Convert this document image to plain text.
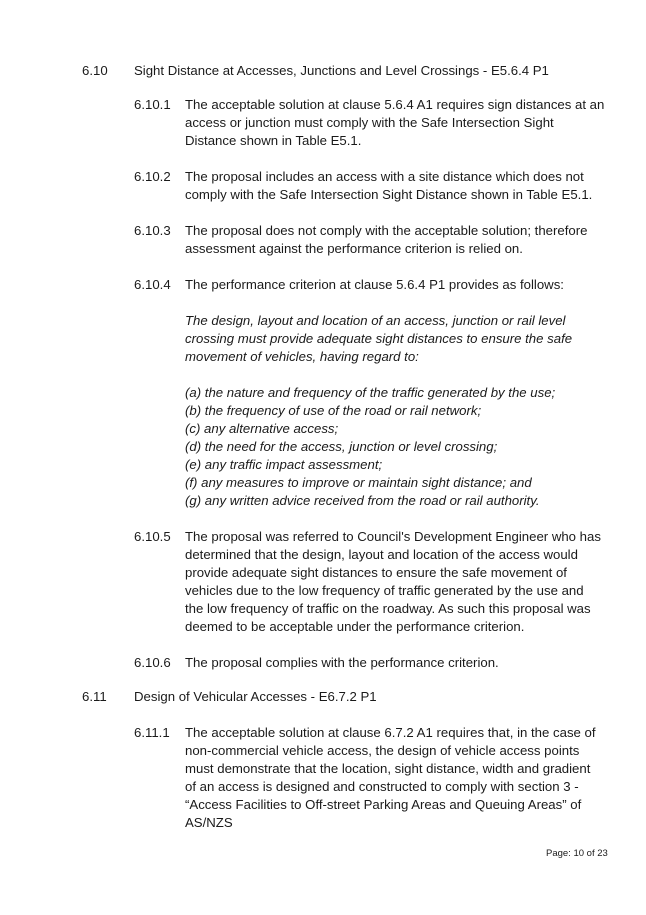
6.10 Sight Distance at Accesses, Junctions and Level Crossings - E5.6.4 P1
6.10.1 The acceptable solution at clause 5.6.4 A1 requires sign distances at an access or junction must comply with the Safe Intersection Sight Distance shown in Table E5.1.
6.10.2 The proposal includes an access with a site distance which does not comply with the Safe Intersection Sight Distance shown in Table E5.1.
6.10.3 The proposal does not comply with the acceptable solution; therefore assessment against the performance criterion is relied on.
6.10.4 The performance criterion at clause 5.6.4 P1 provides as follows:
The design, layout and location of an access, junction or rail level crossing must provide adequate sight distances to ensure the safe movement of vehicles, having regard to:
(a) the nature and frequency of the traffic generated by the use;
(b) the frequency of use of the road or rail network;
(c) any alternative access;
(d) the need for the access, junction or level crossing;
(e) any traffic impact assessment;
(f) any measures to improve or maintain sight distance; and
(g) any written advice received from the road or rail authority.
6.10.5 The proposal was referred to Council's Development Engineer who has determined that the design, layout and location of the access would provide adequate sight distances to ensure the safe movement of vehicles due to the low frequency of traffic generated by the use and the low frequency of traffic on the roadway. As such this proposal was deemed to be acceptable under the performance criterion.
6.10.6 The proposal complies with the performance criterion.
6.11 Design of Vehicular Accesses - E6.7.2 P1
6.11.1 The acceptable solution at clause 6.7.2 A1 requires that, in the case of non-commercial vehicle access, the design of vehicle access points must demonstrate that the location, sight distance, width and gradient of an access is designed and constructed to comply with section 3 - “Access Facilities to Off-street Parking Areas and Queuing Areas” of AS/NZS
Page: 10 of 23
